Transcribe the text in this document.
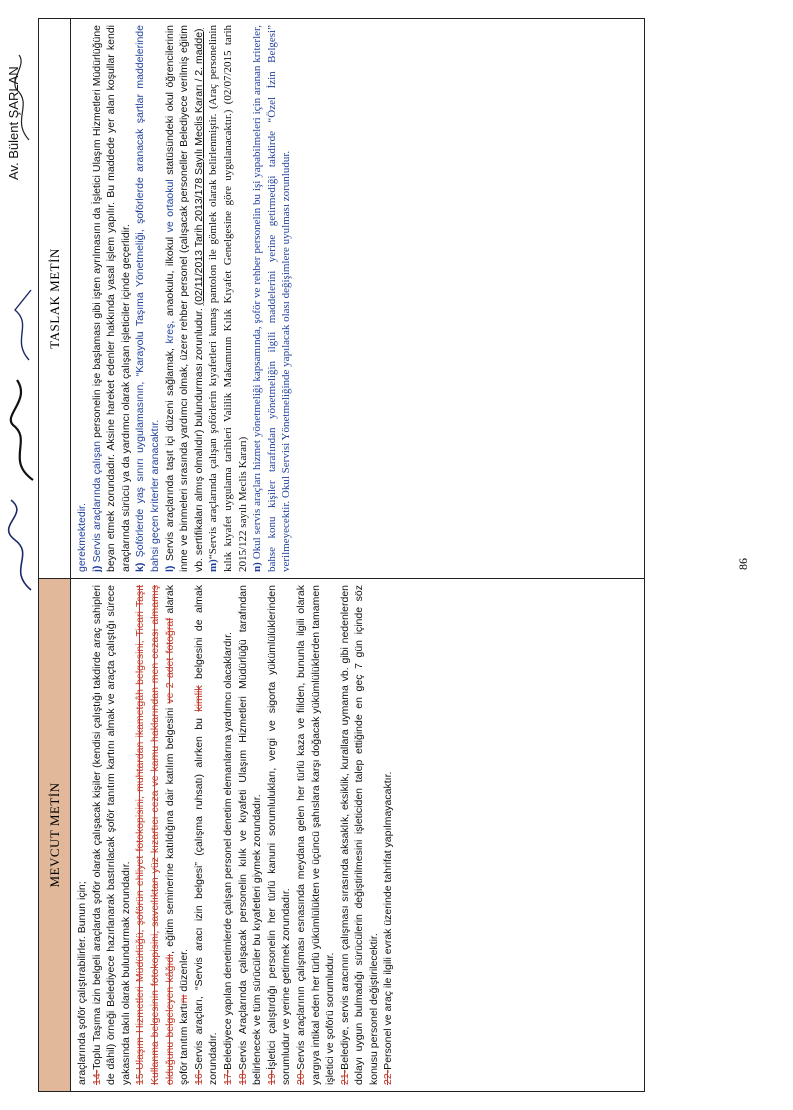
Av. Bülent ŞARLAN
MEVCUT METİN
TASLAK METİN

araçlarında şoför çalıştırabilirler. Bunun için; 14-Toplu Taşıma izin belgeli araçlarda şoför olarak çalışacak kişiler (kendisi çalıştığı takdirde araç sahipleri de dâhil) örneği Belediyece hazırlanarak bastırılacak şoför tanıtım kartını almak ve araçta çalıştığı sürece yakasında takılı olarak bulundurmak zorundadır. 15-Ulaşım Hizmetleri Müdürlüğü, şoförün ehliyet fotokopisini, muhtardan ikametgâh belgesini, Ticari Taşıt Kullanma belgesinin fotokopisini, savcılıktan yüz kızartıcı ceza ve kamu haklarından men cezası almamış olduğunu belgeleyen kâğıdı, eğitim seminerine katıldığına dair katılım belgesini ve 2 adet fotoğraf alarak şoför tanıtım kartını düzenler.

16-Servis araçları, “Servis aracı izin belgesi” (çalışma ruhsatı) alırken bu kimlik belgesini de almak zorundadır. 17-Belediyece yapılan denetimlerde çalışan personel denetim elemanlarına yardımcı olacaklardır.

18-Servis Araçlarında çalışacak personelin kılık ve kıyafeti Ulaşım Hizmetleri Müdürlüğü tarafından belirlenecek ve tüm sürücüler bu kıyafetleri giymek zorundadır. 19-İşletici çalıştırdığı personelin her türlü kanuni sorumlulukları, vergi ve sigorta yükümlülüklerinden sorumludur ve yerine getirmek zorundadır. 20-Servis araçlarının çalışması esnasında meydana gelen her türlü kaza ve fiilden, bununla ilgili olarak yargıya intikal eden her türlü yükümlülükten ve üçüncü şahıslara karşı doğacak yükümlülüklerden tamamen işletici ve şoförü sorumludur. 21-Belediye, servis aracının çalışması sırasında aksaklık, eksiklik, kurallara uymama vb. gibi nedenlerden dolayı uygun bulmadığı sürücülerin değiştirilmesini işleticiden talep ettiğinde en geç 7 gün içinde söz konusu personel değiştirilecektir. 22-Personel ve araç ile ilgili evrak üzerinde tahrifat yapılmayacaktır.

gerekmektedir. j) Servis araçlarında çalışan personelin işe başlaması gibi işten ayrılmasını da İşletici Ulaşım Hizmetleri Müdürlüğüne beyan etmek zorundadır. Aksine hareket edenler hakkında yasal işlem yapılır. Bu maddede yer alan koşullar kendi araçlarında sürücü ya da yardımcı olarak çalışan işleticiler içinde geçerlidir. k) Şoförlerde yaş sınırı uygulamasının, “Karayolu Taşıma Yönetmeliği, şoförlerde aranacak şartlar maddelerinde bahsi geçen kriterler aranacaktır. l) Servis araçlarında taşıt içi düzeni sağlamak, kreş, anaokulu, ilkokul ve ortaokul statüsündeki okul öğrencilerinin inme ve binmeleri sırasında yardımcı olmak, üzere rehber personel (çalışacak personeller Belediyece verilmiş eğitim vb. sertifikaları almış olmalıdır) bulundurması zorunludur. (02/11/2013 Tarih 2013/178 Sayılı Meclis Kararı / 2. madde)

m)“Servis araçlarında çalışan şoförlerin kıyafetleri kumaş pantolon ile gömlek olarak belirlenmiştir. (Araç personelinin kılık kıyafet uygulama tarihleri Valilik Makamının Kılık Kıyafet Genelgesine göre uygulanacaktır.) (02/07/2015 tarih 2015/122 sayılı Meclis Kararı) n) Okul servis araçları hizmet yönetmeliği kapsamında, şoför ve rehber personelin bu işi yapabilmeleri için aranan kriterler, bahse konu kişiler tarafından yönetmeliğin ilgili maddelerini yerine getirmediği takdirde “Özel İzin Belgesi” verilmeyecektir. Okul Servisi Yönetmeliğinde yapılacak olası değişimlere uyulması zorunludur.	86
